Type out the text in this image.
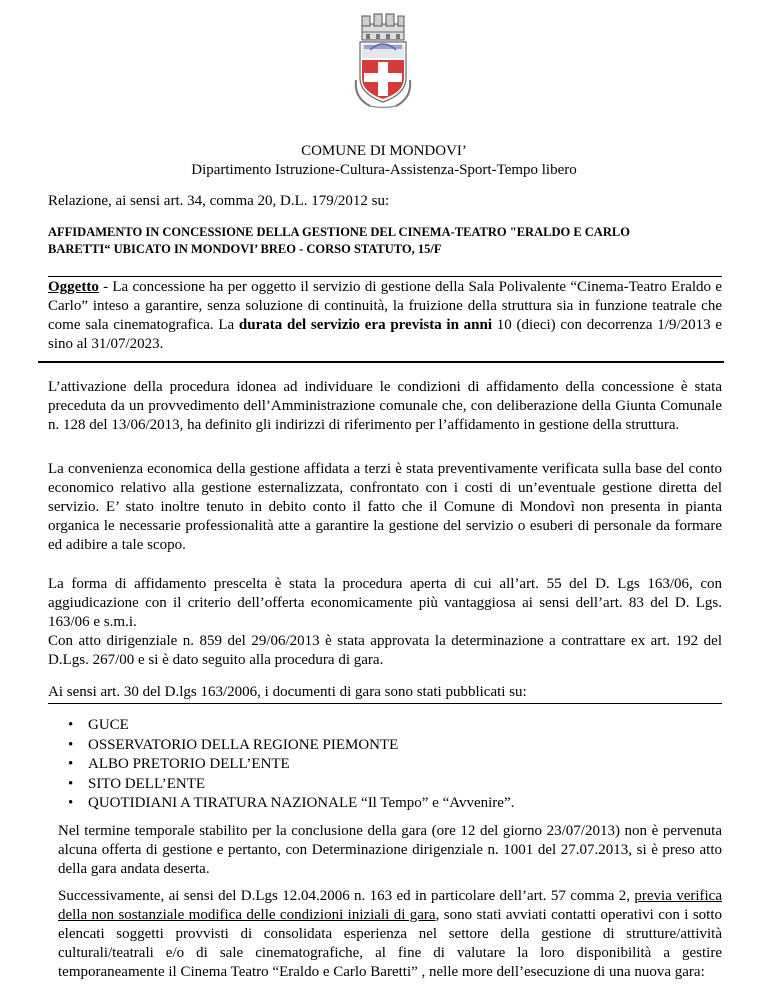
COMUNE DI MONDOVI’
Dipartimento Istruzione-Cultura-Assistenza-Sport-Tempo libero
Relazione, ai sensi art. 34, comma 20, D.L. 179/2012 su:
AFFIDAMENTO IN CONCESSIONE DELLA GESTIONE DEL CINEMA-TEATRO "ERALDO E CARLO
BARETTI“ UBICATO IN MONDOVI’ BREO - CORSO STATUTO, 15/F
Oggetto - La concessione ha per oggetto il servizio di gestione della Sala Polivalente “Cinema-Teatro Eraldo e Carlo” inteso a garantire, senza soluzione di continuità, la fruizione della struttura sia in funzione teatrale che come sala cinematografica. La durata del servizio era prevista in anni 10 (dieci) con decorrenza 1/9/2013 e sino al 31/07/2023.
L’attivazione della procedura idonea ad individuare le condizioni di affidamento della concessione è stata preceduta da un provvedimento dell’Amministrazione comunale che, con deliberazione della Giunta Comunale n. 128 del 13/06/2013, ha definito gli indirizzi di riferimento per l’affidamento in gestione della struttura.
La convenienza economica della gestione affidata a terzi è stata preventivamente verificata sulla base del conto economico relativo alla gestione esternalizzata, confrontato con i costi di un’eventuale gestione diretta del servizio. E’ stato inoltre tenuto in debito conto il fatto che il Comune di Mondovì non presenta in pianta organica le necessarie professionalità atte a garantire la gestione del servizio o esuberi di personale da formare ed adibire a tale scopo.
La forma di affidamento prescelta è stata la procedura aperta di cui all’art. 55 del D. Lgs 163/06, con aggiudicazione con il criterio dell’offerta economicamente più vantaggiosa ai sensi dell’art. 83 del D. Lgs. 163/06 e s.m.i.
Con atto dirigenziale n. 859 del 29/06/2013 è stata approvata la determinazione a contrattare ex art. 192 del D.Lgs. 267/00 e si è dato seguito alla procedura di gara.
Ai sensi art. 30 del D.lgs 163/2006, i documenti di gara sono stati pubblicati su:
• GUCE
• OSSERVATORIO DELLA REGIONE PIEMONTE
• ALBO PRETORIO DELL’ENTE
• SITO DELL’ENTE
• QUOTIDIANI A TIRATURA NAZIONALE “Il Tempo” e “Avvenire”.
Nel termine temporale stabilito per la conclusione della gara (ore 12 del giorno 23/07/2013) non è pervenuta alcuna offerta di gestione e pertanto, con Determinazione dirigenziale n. 1001 del 27.07.2013, si è preso atto della gara andata deserta.
Successivamente, ai sensi del D.Lgs 12.04.2006 n. 163 ed in particolare dell’art. 57 comma 2, previa verifica della non sostanziale modifica delle condizioni iniziali di gara, sono stati avviati contatti operativi con i sotto elencati soggetti provvisti di consolidata esperienza nel settore della gestione di strutture/attività culturali/teatrali e/o di sale cinematografiche, al fine di valutare la loro disponibilità a gestire temporaneamente il Cinema Teatro “Eraldo e Carlo Baretti” , nelle more dell’esecuzione di una nuova gara:
